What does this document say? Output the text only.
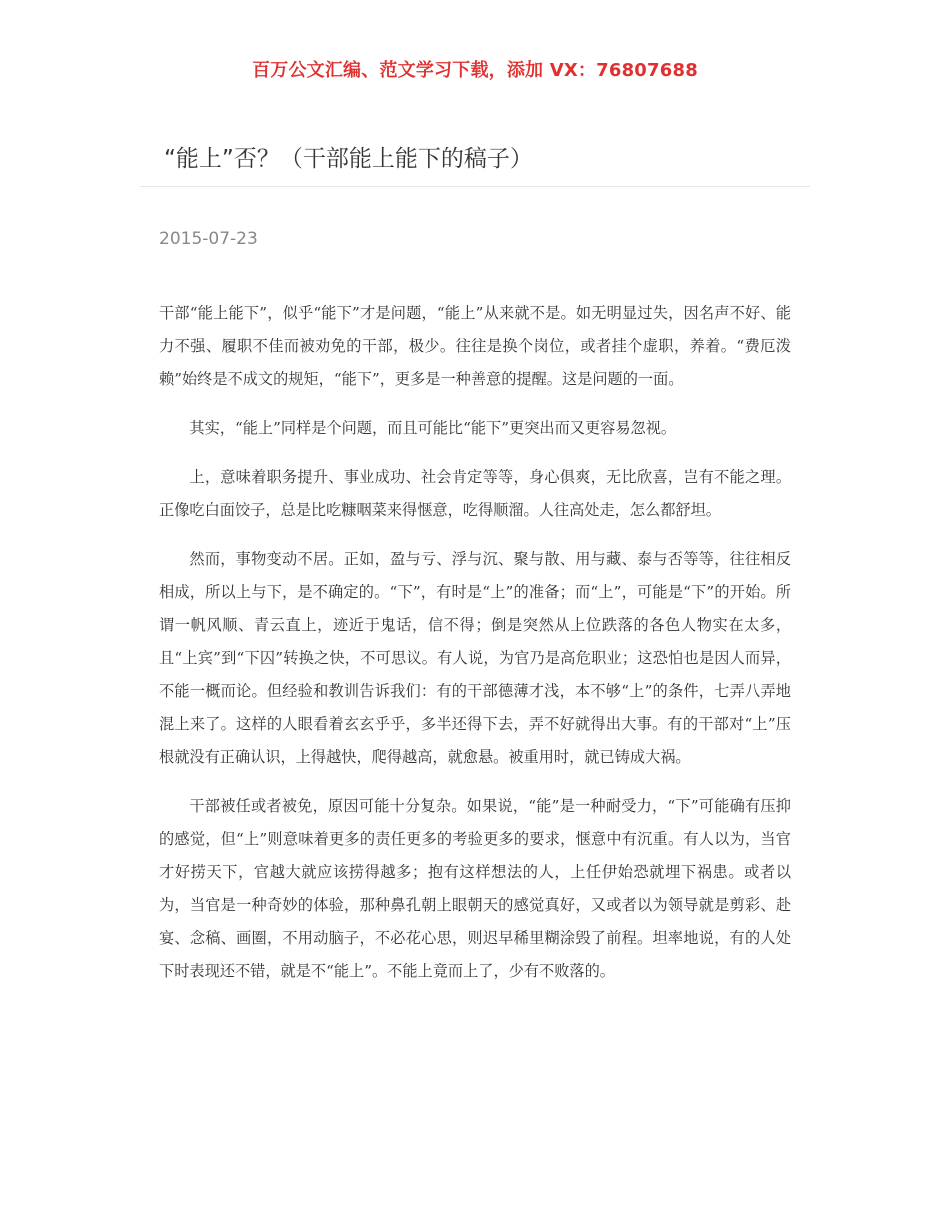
百万公文汇编、范文学习下载，添加 VX：76807688
“能上”否？（干部能上能下的稿子）
2015-07-23

干部“能上能下”，似乎“能下”才是问题，“能上”从来就不是。如无明显过失，因名声不好、能力不强、履职不佳而被劝免的干部，极少。往往是换个岗位，或者挂个虚职，养着。“费厄泼赖”始终是不成文的规矩，“能下”，更多是一种善意的提醒。这是问题的一面。

其实，“能上”同样是个问题，而且可能比“能下”更突出而又更容易忽视。

上，意味着职务提升、事业成功、社会肯定等等，身心俱爽，无比欣喜，岂有不能之理。正像吃白面饺子，总是比吃糠咽菜来得惬意，吃得顺溜。人往高处走，怎么都舒坦。

然而，事物变动不居。正如，盈与亏、浮与沉、聚与散、用与藏、泰与否等等，往往相反相成，所以上与下，是不确定的。“下”，有时是“上”的准备；而“上”，可能是“下”的开始。所谓一帆风顺、青云直上，迹近于鬼话，信不得；倒是突然从上位跌落的各色人物实在太多，且“上宾”到“下囚”转换之快，不可思议。有人说，为官乃是高危职业；这恐怕也是因人而异，不能一概而论。但经验和教训告诉我们：有的干部德薄才浅，本不够“上”的条件，七弄八弄地混上来了。这样的人眼看着玄玄乎乎，多半还得下去，弄不好就得出大事。有的干部对“上”压根就没有正确认识，上得越快，爬得越高，就愈悬。被重用时，就已铸成大祸。

干部被任或者被免，原因可能十分复杂。如果说，“能”是一种耐受力，“下”可能确有压抑的感觉，但“上”则意味着更多的责任更多的考验更多的要求，惬意中有沉重。有人以为，当官才好捞天下，官越大就应该捞得越多；抱有这样想法的人，上任伊始恐就埋下祸患。或者以为，当官是一种奇妙的体验，那种鼻孔朝上眼朝天的感觉真好，又或者以为领导就是剪彩、赴宴、念稿、画圈，不用动脑子，不必花心思，则迟早稀里糊涂毁了前程。坦率地说，有的人处下时表现还不错，就是不“能上”。不能上竟而上了，少有不败落的。
